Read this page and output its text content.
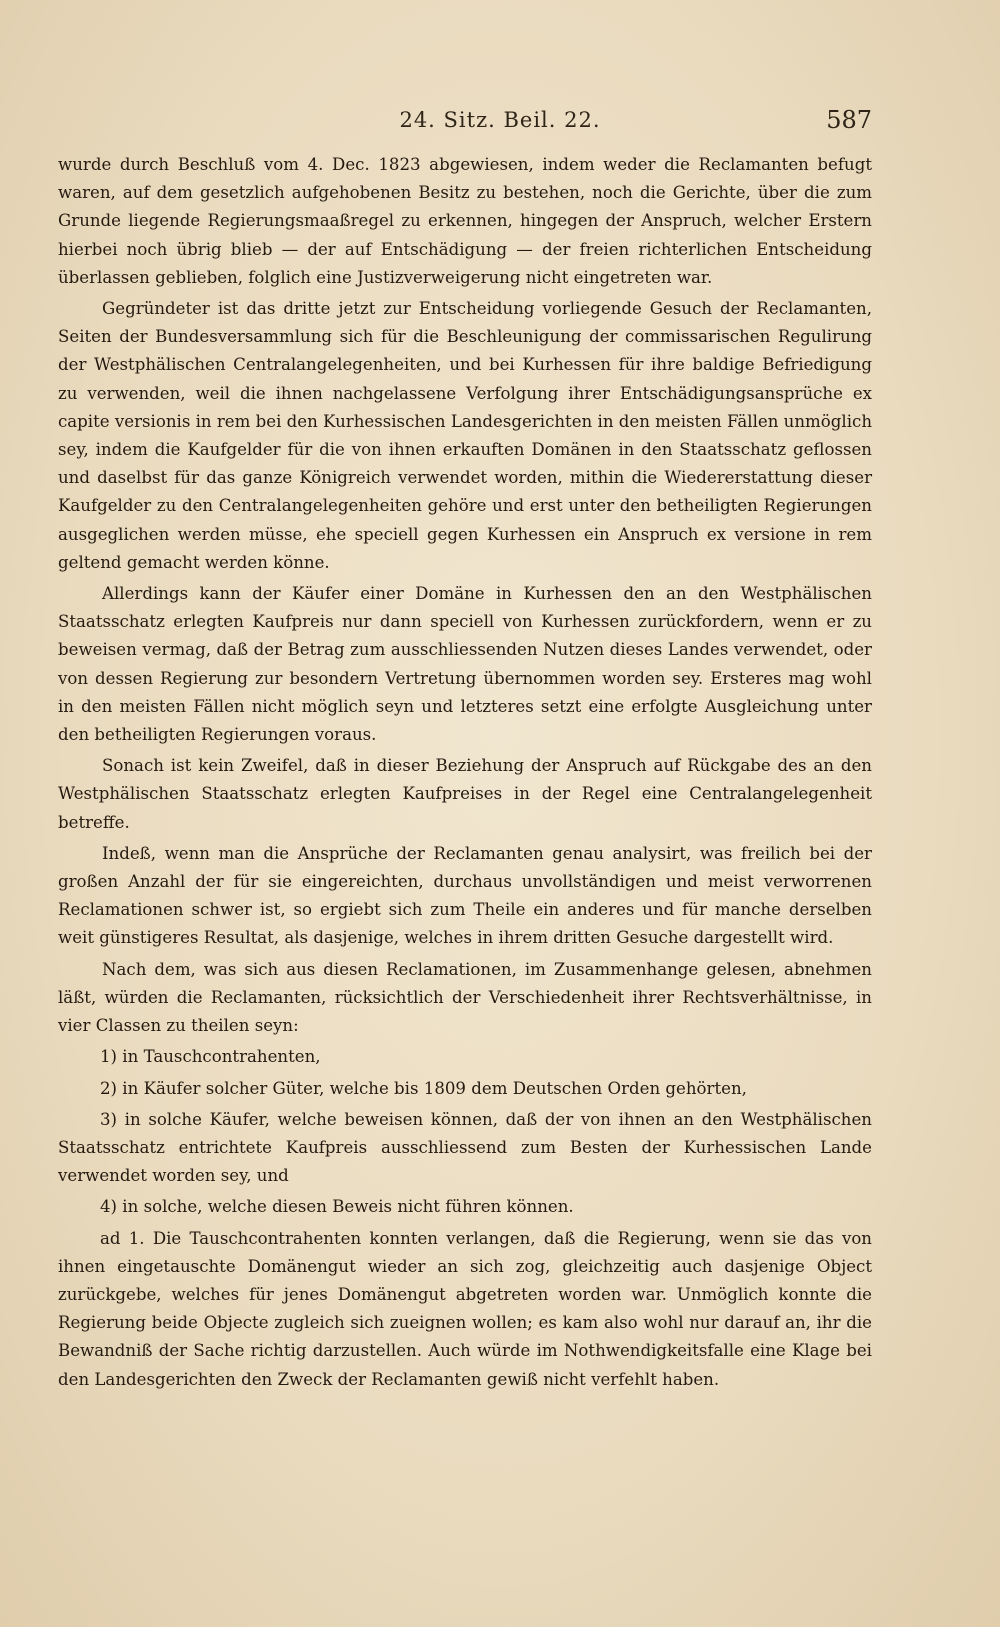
24. Sitz. Beil. 22.	587

wurde durch Beschluß vom 4. Dec. 1823 abgewiesen, indem weder die Reclamanten befugt waren, auf dem gesetzlich aufgehobenen Besitz zu bestehen, noch die Gerichte, über die zum Grunde liegende Regierungsmaaßregel zu erkennen, hingegen der Anspruch, welcher Erstern hierbei noch übrig blieb — der auf Entschädigung — der freien richterlichen Entscheidung überlassen geblieben, folglich eine Justizverweigerung nicht eingetreten war.

Gegründeter ist das dritte jetzt zur Entscheidung vorliegende Gesuch der Reclamanten, Seiten der Bundesversammlung sich für die Beschleunigung der commissarischen Regulirung der Westphälischen Centralangelegenheiten, und bei Kurhessen für ihre baldige Befriedigung zu verwenden, weil die ihnen nachgelassene Verfolgung ihrer Entschädigungsansprüche ex capite versionis in rem bei den Kurhessischen Landesgerichten in den meisten Fällen unmöglich sey, indem die Kaufgelder für die von ihnen erkauften Domänen in den Staatsschatz geflossen und daselbst für das ganze Königreich verwendet worden, mithin die Wiedererstattung dieser Kaufgelder zu den Centralangelegenheiten gehöre und erst unter den betheiligten Regierungen ausgeglichen werden müsse, ehe speciell gegen Kurhessen ein Anspruch ex versione in rem geltend gemacht werden könne.

Allerdings kann der Käufer einer Domäne in Kurhessen den an den Westphälischen Staatsschatz erlegten Kaufpreis nur dann speciell von Kurhessen zurückfordern, wenn er zu beweisen vermag, daß der Betrag zum ausschliessenden Nutzen dieses Landes verwendet, oder von dessen Regierung zur besondern Vertretung übernommen worden sey. Ersteres mag wohl in den meisten Fällen nicht möglich seyn und letzteres setzt eine erfolgte Ausgleichung unter den betheiligten Regierungen voraus.

Sonach ist kein Zweifel, daß in dieser Beziehung der Anspruch auf Rückgabe des an den Westphälischen Staatsschatz erlegten Kaufpreises in der Regel eine Centralangelegenheit betreffe.

Indeß, wenn man die Ansprüche der Reclamanten genau analysirt, was freilich bei der großen Anzahl der für sie eingereichten, durchaus unvollständigen und meist verworrenen Reclamationen schwer ist, so ergiebt sich zum Theile ein anderes und für manche derselben weit günstigeres Resultat, als dasjenige, welches in ihrem dritten Gesuche dargestellt wird.

Nach dem, was sich aus diesen Reclamationen, im Zusammenhange gelesen, abnehmen läßt, würden die Reclamanten, rücksichtlich der Verschiedenheit ihrer Rechtsverhältnisse, in vier Classen zu theilen seyn:

1) in Tauschcontrahenten,

2) in Käufer solcher Güter, welche bis 1809 dem Deutschen Orden gehörten,

3) in solche Käufer, welche beweisen können, daß der von ihnen an den Westphälischen Staatsschatz entrichtete Kaufpreis ausschliessend zum Besten der Kurhessischen Lande verwendet worden sey, und

4) in solche, welche diesen Beweis nicht führen können.

ad 1. Die Tauschcontrahenten konnten verlangen, daß die Regierung, wenn sie das von ihnen eingetauschte Domänengut wieder an sich zog, gleichzeitig auch dasjenige Object zurückgebe, welches für jenes Domänengut abgetreten worden war. Unmöglich konnte die Regierung beide Objecte zugleich sich zueignen wollen; es kam also wohl nur darauf an, ihr die Bewandniß der Sache richtig darzustellen. Auch würde im Nothwendigkeitsfalle eine Klage bei den Landesgerichten den Zweck der Reclamanten gewiß nicht verfehlt haben.
